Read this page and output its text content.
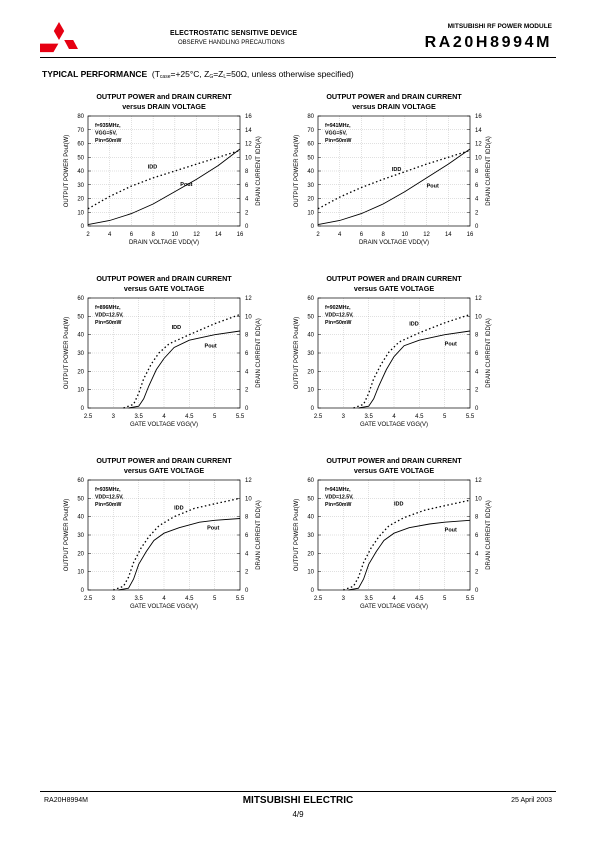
ELECTROSTATIC SENSITIVE DEVICE
OBSERVE HANDLING PRECAUTIONS
MITSUBISHI RF POWER MODULE
RA20H8994M
TYPICAL PERFORMANCE ($T_{case}=+25^\circ C$, $Z_G=Z_L=50\Omega$, unless otherwise specified)
OUTPUT POWER and DRAIN CURRENT
versus DRAIN VOLTAGE
0
10
20
30
40
50
60
70
80
0
2
4
6
8
10
12
14
16
2	4	6	8	10	12	14	16
DRAIN VOLTAGE VDD(V)
OUTPUT POWER Pout(W)	DRAIN CURRENT IDD(A)
f=935MHz,
VGG=5V,
Pin=50mW
IDD
Pout
OUTPUT POWER and DRAIN CURRENT
versus DRAIN VOLTAGE
0
10
20
30
40
50
60
70
80
0
2
4
6
8
10
12
14
16
2	4	6	8	10	12	14	16
DRAIN VOLTAGE VDD(V)
OUTPUT POWER Pout(W)	DRAIN CURRENT IDD(A)
f=941MHz,
VGG=5V,
Pin=50mW
IDD
Pout
OUTPUT POWER and DRAIN CURRENT
versus GATE VOLTAGE
0
10
20
30
40
50
60
0
2
4
6
8
10
12
2.5	3	3.5	4	4.5	5	5.5
GATE VOLTAGE VGG(V)
OUTPUT POWER Pout(W)	DRAIN CURRENT IDD(A)
f=896MHz,
VDD=12.5V,
Pin=50mW
IDD
Pout
OUTPUT POWER and DRAIN CURRENT
versus GATE VOLTAGE
0
10
20
30
40
50
60
0
2
4
6
8
10
12
2.5	3	3.5	4	4.5	5	5.5
GATE VOLTAGE VGG(V)
OUTPUT POWER Pout(W)	DRAIN CURRENT IDD(A)
f=902MHz,
VDD=12.5V,
Pin=50mW	IDD
Pout
OUTPUT POWER and DRAIN CURRENT
versus GATE VOLTAGE
0
10
20
30
40
50
60
0
2
4
6
8
10
12
2.5	3	3.5	4	4.5	5	5.5
GATE VOLTAGE VGG(V)
OUTPUT POWER Pout(W)	DRAIN CURRENT IDD(A)
f=935MHz,
VDD=12.5V,
Pin=50mW
IDD
Pout
OUTPUT POWER and DRAIN CURRENT
versus GATE VOLTAGE
0
10
20
30
40
50
60
0
2
4
6
8
10
12
2.5	3	3.5	4	4.5	5	5.5
GATE VOLTAGE VGG(V)
OUTPUT POWER Pout(W)	DRAIN CURRENT IDD(A)
f=941MHz,
VDD=12.5V,
Pin=50mW	IDD
Pout
RA20H8994M	MITSUBISHI ELECTRIC
4/9
25 April 2003
